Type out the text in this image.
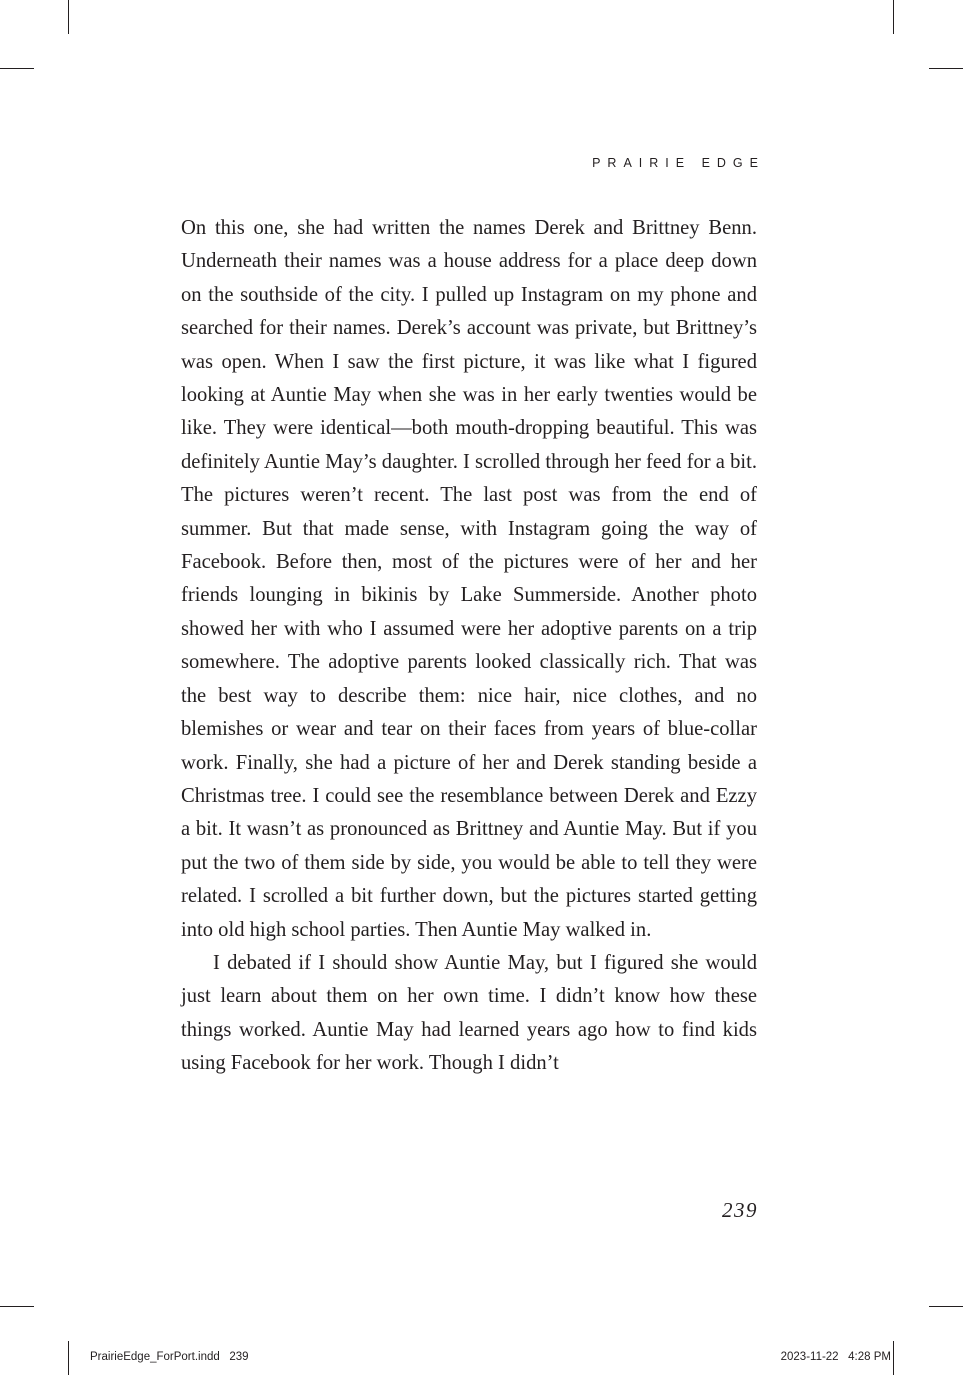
PRAIRIE EDGE

On this one, she had written the names Derek and Brittney Benn. Underneath their names was a house address for a place deep down on the southside of the city. I pulled up Instagram on my phone and searched for their names. Derek’s account was private, but Brittney’s was open. When I saw the first picture, it was like what I figured looking at Auntie May when she was in her early twenties would be like. They were identical—both mouth-dropping beautiful. This was definitely Auntie May’s daughter. I scrolled through her feed for a bit. The pictures weren’t recent. The last post was from the end of summer. But that made sense, with Instagram going the way of Facebook. Before then, most of the pictures were of her and her friends lounging in bikinis by Lake Summerside. Another photo showed her with who I assumed were her adoptive parents on a trip somewhere. The adoptive parents looked classically rich. That was the best way to describe them: nice hair, nice clothes, and no blemishes or wear and tear on their faces from years of blue-collar work. Finally, she had a picture of her and Derek standing beside a Christmas tree. I could see the resemblance between Derek and Ezzy a bit. It wasn’t as pronounced as Brittney and Auntie May. But if you put the two of them side by side, you would be able to tell they were related. I scrolled a bit further down, but the pictures started getting into old high school parties. Then Auntie May walked in.

I debated if I should show Auntie May, but I figured she would just learn about them on her own time. I didn’t know how these things worked. Auntie May had learned years ago how to find kids using Facebook for her work. Though I didn’t

239
PrairieEdge_ForPort.indd   239	2023-11-22   4:28 PM
